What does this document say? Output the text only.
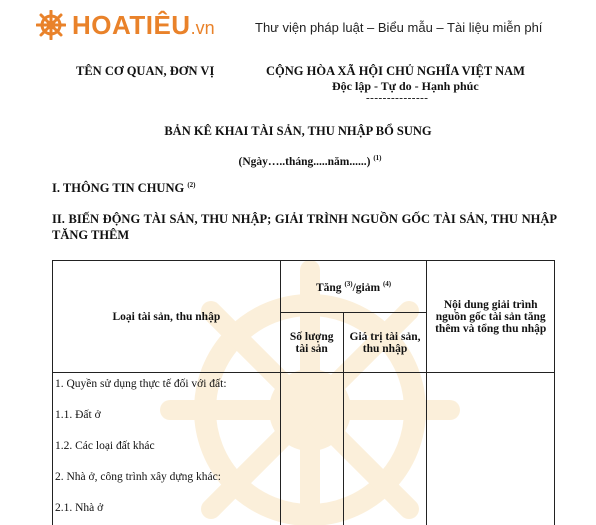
HOATIÊU .vn	Thư viện pháp luật – Biểu mẫu – Tài liệu miễn phí
TÊN CƠ QUAN, ĐƠN VỊ	CỘNG HÒA XÃ HỘI CHỦ NGHĨA VIỆT NAM
Độc lập - Tự do - Hạnh phúc
---------------
BẢN KÊ KHAI TÀI SẢN, THU NHẬP BỔ SUNG
(Ngày…..tháng.....năm......) $^{(1)}$
I. THÔNG TIN CHUNG $^{(2)}$
II. BIẾN ĐỘNG TÀI SẢN, THU NHẬP; GIẢI TRÌNH NGUỒN GỐC TÀI SẢN, THU NHẬP TĂNG THÊM
Loại tài sản, thu nhập	Tăng $^{(3)}$/giảm $^{(4)}$		Nội dung giải trình nguồn gốc tài sản tăng thêm và tổng thu nhập
	Số lượng tài sản	Giá trị tài sản, thu nhập	

1. Quyền sử dụng thực tế đối với đất:
1.1. Đất ở
1.2. Các loại đất khác
2. Nhà ở, công trình xây dựng khác:
2.1. Nhà ở			
